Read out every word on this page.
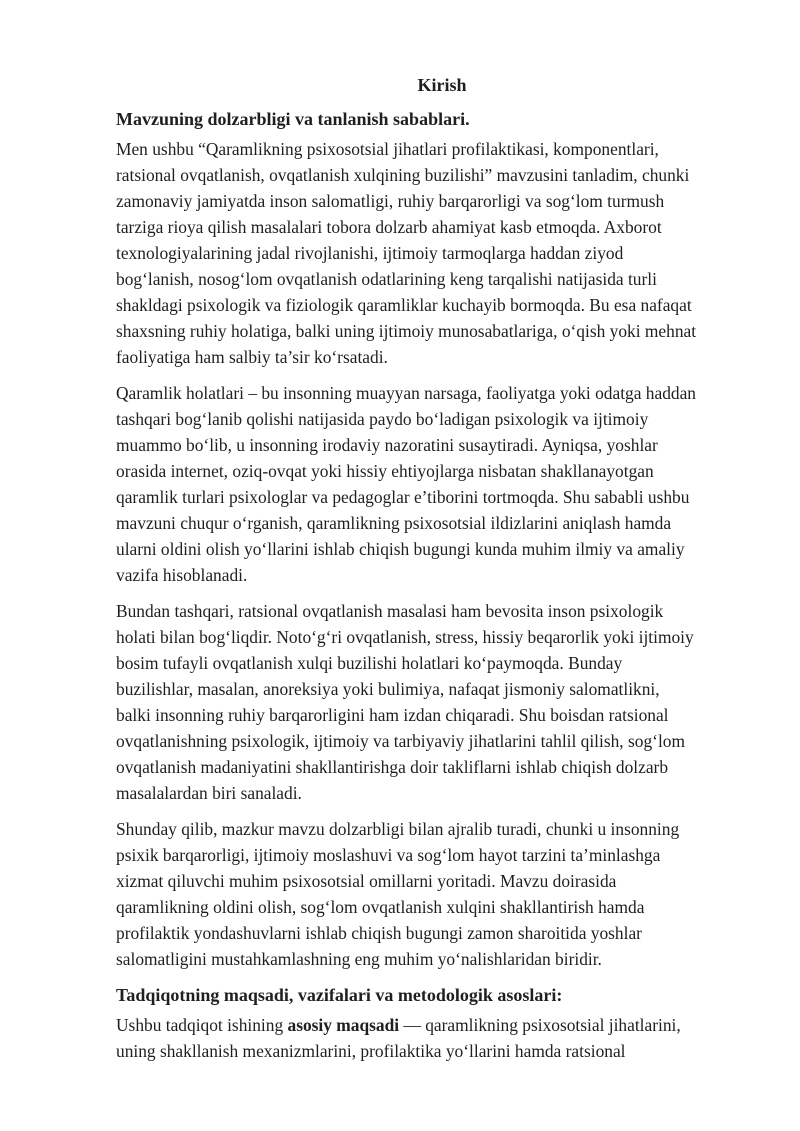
Kirish
Mavzuning dolzarbligi va tanlanish sabablari.
Men ushbu “Qaramlikning psixosotsial jihatlari profilaktikasi, komponentlari,
ratsional ovqatlanish, ovqatlanish xulqining buzilishi” mavzusini tanladim, chunki
zamonaviy jamiyatda inson salomatligi, ruhiy barqarorligi va sog‘lom turmush
tarziga rioya qilish masalalari tobora dolzarb ahamiyat kasb etmoqda. Axborot
texnologiyalarining jadal rivojlanishi, ijtimoiy tarmoqlarga haddan ziyod
bog‘lanish, nosog‘lom ovqatlanish odatlarining keng tarqalishi natijasida turli
shakldagi psixologik va fiziologik qaramliklar kuchayib bormoqda. Bu esa nafaqat
shaxsning ruhiy holatiga, balki uning ijtimoiy munosabatlariga, o‘qish yoki mehnat
faoliyatiga ham salbiy ta’sir ko‘rsatadi.
Qaramlik holatlari – bu insonning muayyan narsaga, faoliyatga yoki odatga haddan
tashqari bog‘lanib qolishi natijasida paydo bo‘ladigan psixologik va ijtimoiy
muammo bo‘lib, u insonning irodaviy nazoratini susaytiradi. Ayniqsa, yoshlar
orasida internet, oziq-ovqat yoki hissiy ehtiyojlarga nisbatan shakllanayotgan
qaramlik turlari psixologlar va pedagoglar e’tiborini tortmoqda. Shu sababli ushbu
mavzuni chuqur o‘rganish, qaramlikning psixosotsial ildizlarini aniqlash hamda
ularni oldini olish yo‘llarini ishlab chiqish bugungi kunda muhim ilmiy va amaliy
vazifa hisoblanadi.
Bundan tashqari, ratsional ovqatlanish masalasi ham bevosita inson psixologik
holati bilan bog‘liqdir. Noto‘g‘ri ovqatlanish, stress, hissiy beqarorlik yoki ijtimoiy
bosim tufayli ovqatlanish xulqi buzilishi holatlari ko‘paymoqda. Bunday
buzilishlar, masalan, anoreksiya yoki bulimiya, nafaqat jismoniy salomatlikni,
balki insonning ruhiy barqarorligini ham izdan chiqaradi. Shu boisdan ratsional
ovqatlanishning psixologik, ijtimoiy va tarbiyaviy jihatlarini tahlil qilish, sog‘lom
ovqatlanish madaniyatini shakllantirishga doir takliflarni ishlab chiqish dolzarb
masalalardan biri sanaladi.
Shunday qilib, mazkur mavzu dolzarbligi bilan ajralib turadi, chunki u insonning
psixik barqarorligi, ijtimoiy moslashuvi va sog‘lom hayot tarzini ta’minlashga
xizmat qiluvchi muhim psixosotsial omillarni yoritadi. Mavzu doirasida
qaramlikning oldini olish, sog‘lom ovqatlanish xulqini shakllantirish hamda
profilaktik yondashuvlarni ishlab chiqish bugungi zamon sharoitida yoshlar
salomatligini mustahkamlashning eng muhim yo‘nalishlaridan biridir.
Tadqiqotning maqsadi, vazifalari va metodologik asoslari:
Ushbu tadqiqot ishining asosiy maqsadi — qaramlikning psixosotsial jihatlarini,
uning shakllanish mexanizmlarini, profilaktika yo‘llarini hamda ratsional
